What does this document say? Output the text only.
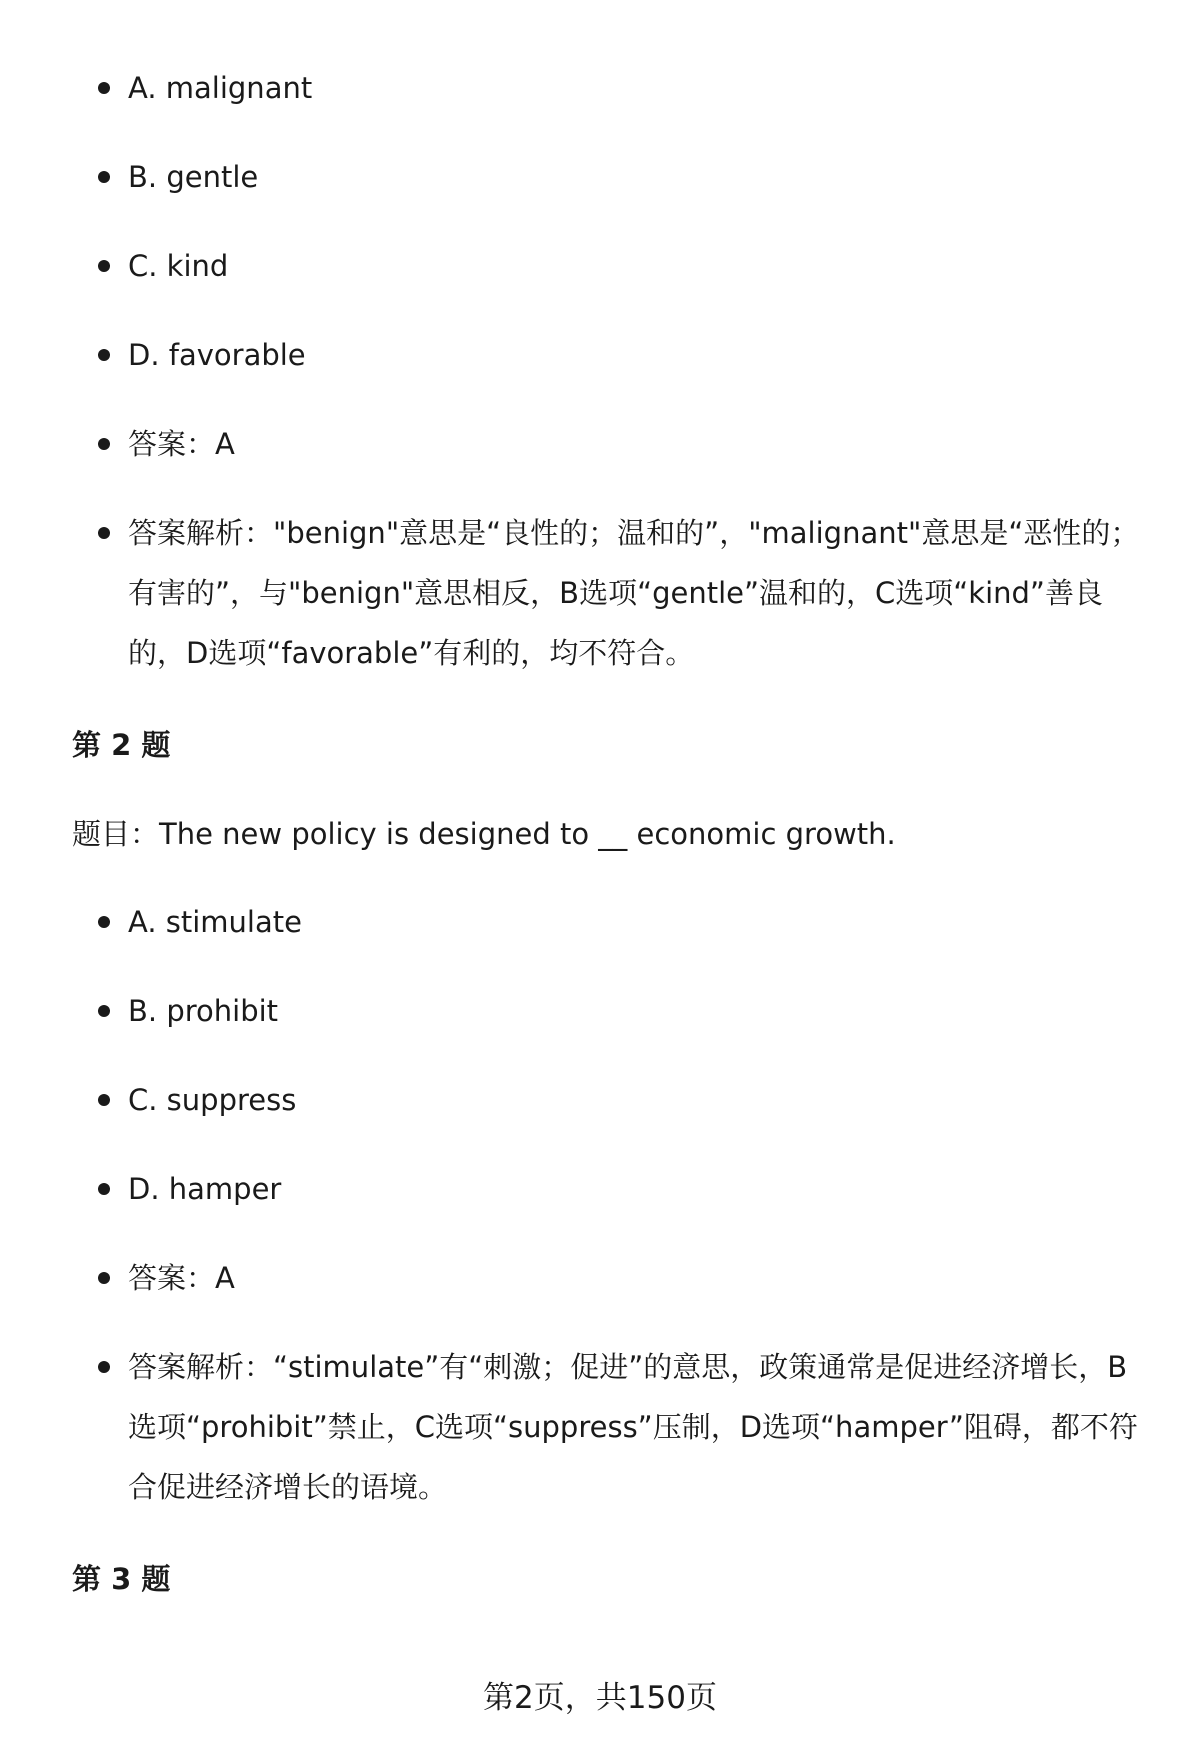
A. malignant
B. gentle
C. kind
D. favorable
答案：A
答案解析："benign"意思是“良性的；温和的”，"malignant"意思是“恶性的；有害的”，与"benign"意思相反，B选项“gentle”温和的，C选项“kind”善良的，D选项“favorable”有利的，均不符合。
第 2 题
题目：The new policy is designed to __ economic growth.
A. stimulate
B. prohibit
C. suppress
D. hamper
答案：A
答案解析：“stimulate”有“刺激；促进”的意思，政策通常是促进经济增长，B选项“prohibit”禁止，C选项“suppress”压制，D选项“hamper”阻碍，都不符合促进经济增长的语境。
第 3 题
第2页，共150页
